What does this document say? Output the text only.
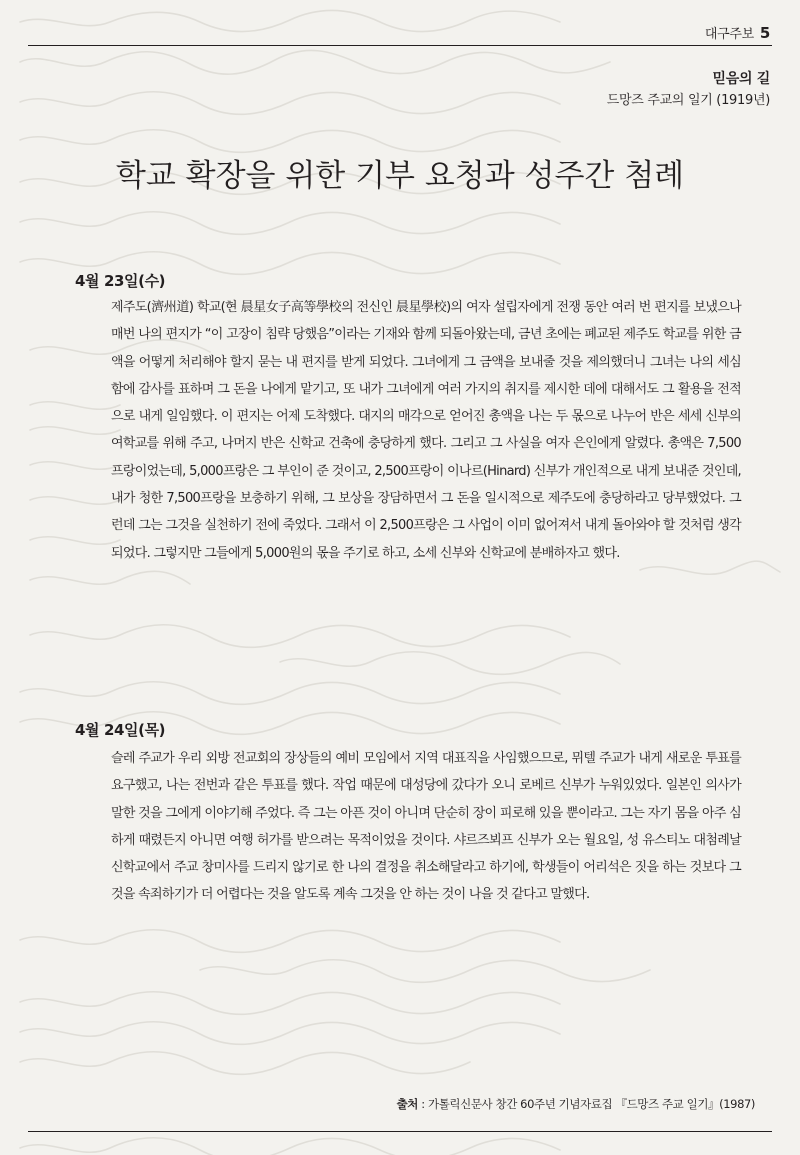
대구주보 5
믿음의 길
드망즈 주교의 일기 (1919년)
학교 확장을 위한 기부 요청과 성주간 첨례
4월 23일(수)
제주도(濟州道) 학교(현 晨星女子高等學校의 전신인 晨星學校)의 여자 설립자에게 전쟁 동안 여러 번 편지를 보냈으나 매번 나의 편지가 “이 고장이 침략 당했음”이라는 기재와 함께 되돌아왔는데, 금년 초에는 폐교된 제주도 학교를 위한 금액을 어떻게 처리해야 할지 묻는 내 편지를 받게 되었다. 그녀에게 그 금액을 보내줄 것을 제의했더니 그녀는 나의 세심함에 감사를 표하며 그 돈을 나에게 맡기고, 또 내가 그녀에게 여러 가지의 취지를 제시한 데에 대해서도 그 활용을 전적으로 내게 일임했다. 이 편지는 어제 도착했다. 대지의 매각으로 얻어진 총액을 나는 두 몫으로 나누어 반은 세세 신부의 여학교를 위해 주고, 나머지 반은 신학교 건축에 충당하게 했다. 그리고 그 사실을 여자 은인에게 알렸다. 총액은 7,500프랑이었는데, 5,000프랑은 그 부인이 준 것이고, 2,500프랑이 이나르(Hinard) 신부가 개인적으로 내게 보내준 것인데, 내가 청한 7,500프랑을 보충하기 위해, 그 보상을 장담하면서 그 돈을 일시적으로 제주도에 충당하라고 당부했었다. 그런데 그는 그것을 실천하기 전에 죽었다. 그래서 이 2,500프랑은 그 사업이 이미 없어져서 내게 돌아와야 할 것처럼 생각되었다. 그렇지만 그들에게 5,000원의 몫을 주기로 하고, 소세 신부와 신학교에 분배하자고 했다.
4월 24일(목)
슬레 주교가 우리 외방 전교회의 장상들의 예비 모임에서 지역 대표직을 사임했으므로, 뮈텔 주교가 내게 새로운 투표를 요구했고, 나는 전번과 같은 투표를 했다. 작업 때문에 대성당에 갔다가 오니 로베르 신부가 누워있었다. 일본인 의사가 말한 것을 그에게 이야기해 주었다. 즉 그는 아픈 것이 아니며 단순히 장이 피로해 있을 뿐이라고. 그는 자기 몸을 아주 심하게 때렸든지 아니면 여행 허가를 받으려는 목적이었을 것이다. 샤르즈뵈프 신부가 오는 월요일, 성 유스티노 대첨례날 신학교에서 주교 창미사를 드리지 않기로 한 나의 결정을 취소해달라고 하기에, 학생들이 어리석은 짓을 하는 것보다 그것을 속죄하기가 더 어렵다는 것을 알도록 계속 그것을 안 하는 것이 나을 것 같다고 말했다.
출처 : 가톨릭신문사 창간 60주년 기념자료집 『드망즈 주교 일기』(1987)
